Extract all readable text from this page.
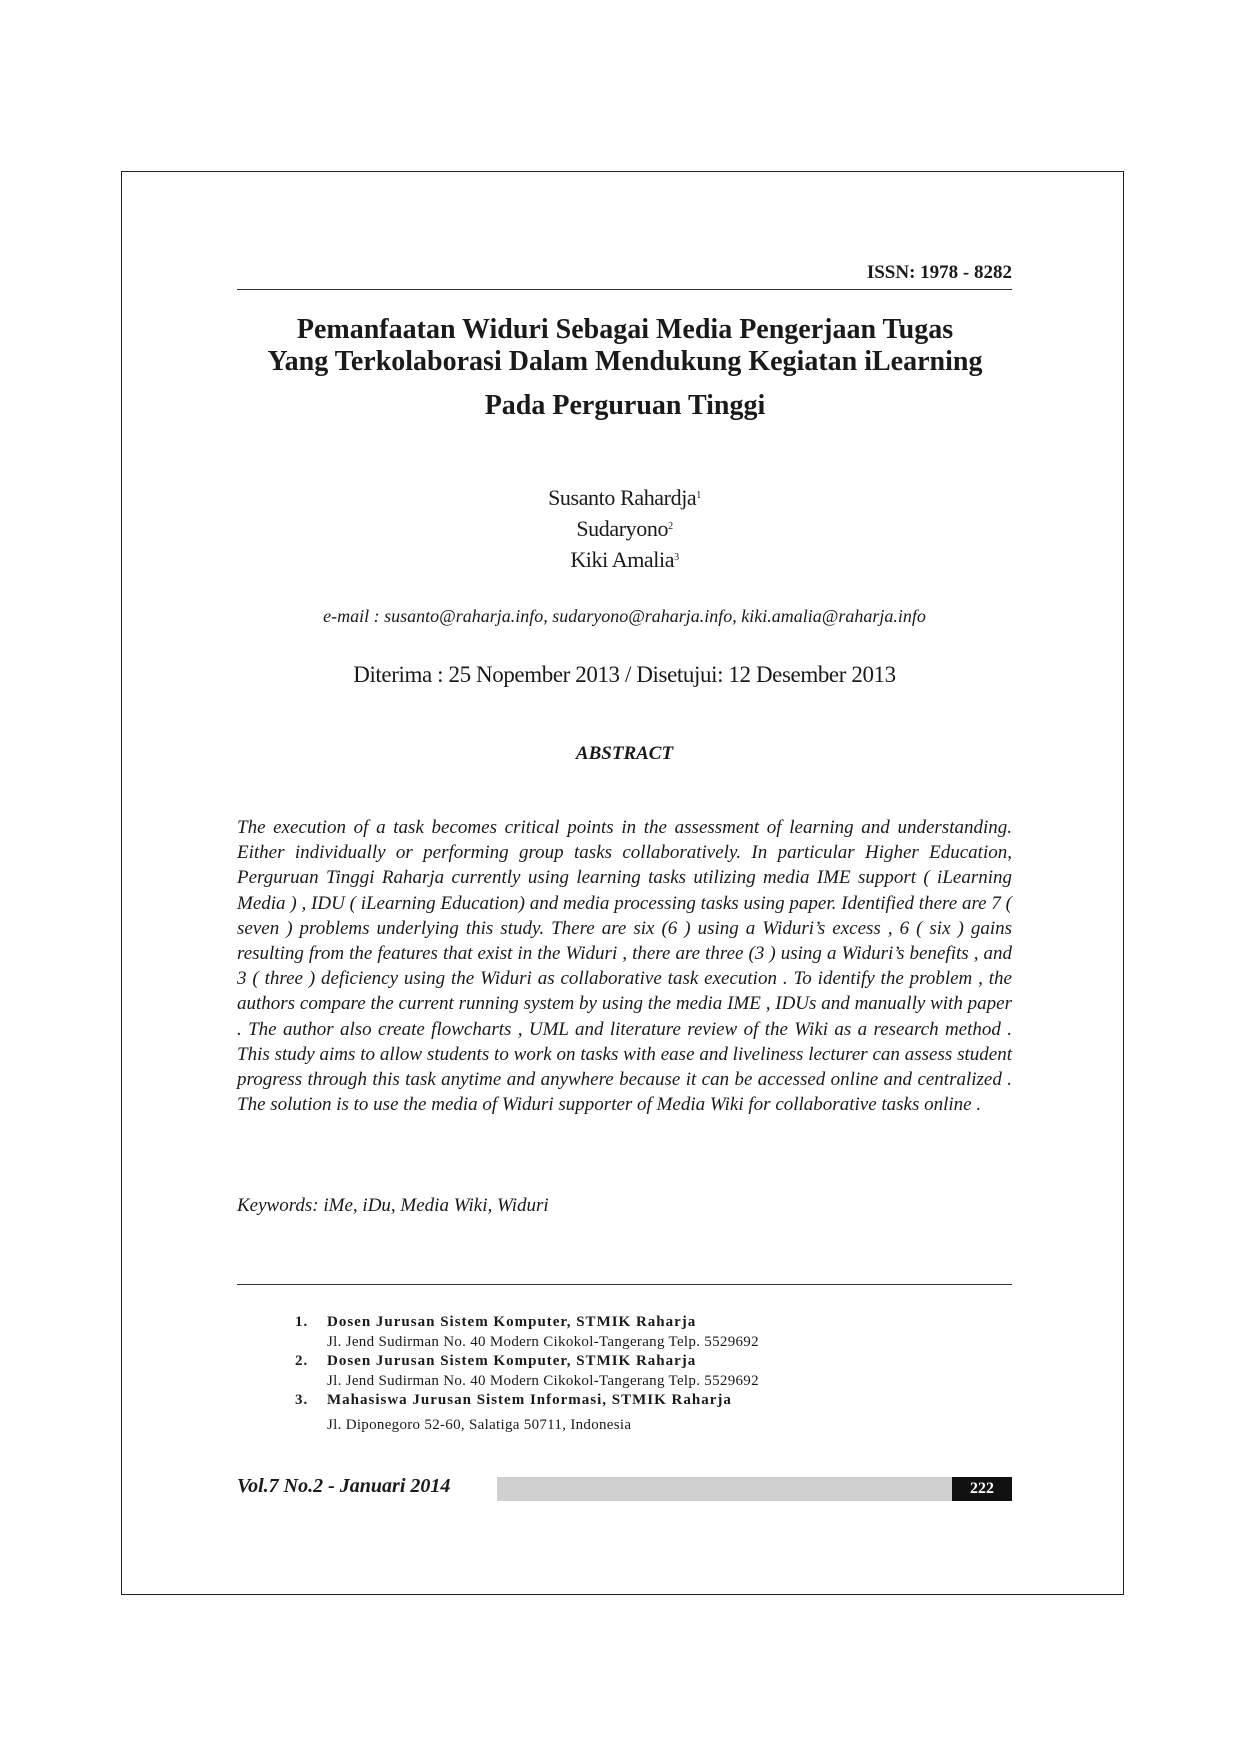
ISSN: 1978 - 8282
Pemanfaatan Widuri Sebagai Media Pengerjaan Tugas
Yang Terkolaborasi Dalam Mendukung Kegiatan iLearning
Pada Perguruan Tinggi
Susanto Rahardja$^1$
Sudaryono$^2$
Kiki Amalia$^3$
e-mail : susanto@raharja.info, sudaryono@raharja.info, kiki.amalia@raharja.info
Diterima : 25 Nopember 2013 / Disetujui: 12 Desember 2013
ABSTRACT
The execution of a task becomes critical points in the assessment of learning and understanding. Either individually or performing group tasks collaboratively. In particular Higher Education, Perguruan Tinggi Raharja currently using learning tasks utilizing media IME support ( iLearning Media ) , IDU ( iLearning Education) and media processing tasks using paper. Identified there are 7 ( seven ) problems underlying this study. There are six (6 ) using a Widuri’s excess , 6 ( six ) gains resulting from the features that exist in the Widuri , there are three (3 ) using a Widuri’s benefits , and 3 ( three ) deficiency using the Widuri as collaborative task execution . To identify the problem , the authors compare the current running system by using the media IME , IDUs and manually with paper . The author also create flowcharts , UML and literature review of the Wiki as a research method . This study aims to allow students to work on tasks with ease and liveliness lecturer can assess student progress through this task anytime and anywhere because it can be accessed online and centralized . The solution is to use the media of Widuri supporter of Media Wiki for collaborative tasks online .
Keywords: iMe, iDu, Media Wiki, Widuri
1. Dosen Jurusan Sistem Komputer, STMIK Raharja
Jl. Jend Sudirman No. 40 Modern Cikokol-Tangerang Telp. 5529692
2. Dosen Jurusan Sistem Komputer, STMIK Raharja
Jl. Jend Sudirman No. 40 Modern Cikokol-Tangerang Telp. 5529692
3. Mahasiswa Jurusan Sistem Informasi, STMIK Raharja
Jl. Diponegoro 52-60, Salatiga 50711, Indonesia
Vol.7 No.2 - Januari 2014	222
